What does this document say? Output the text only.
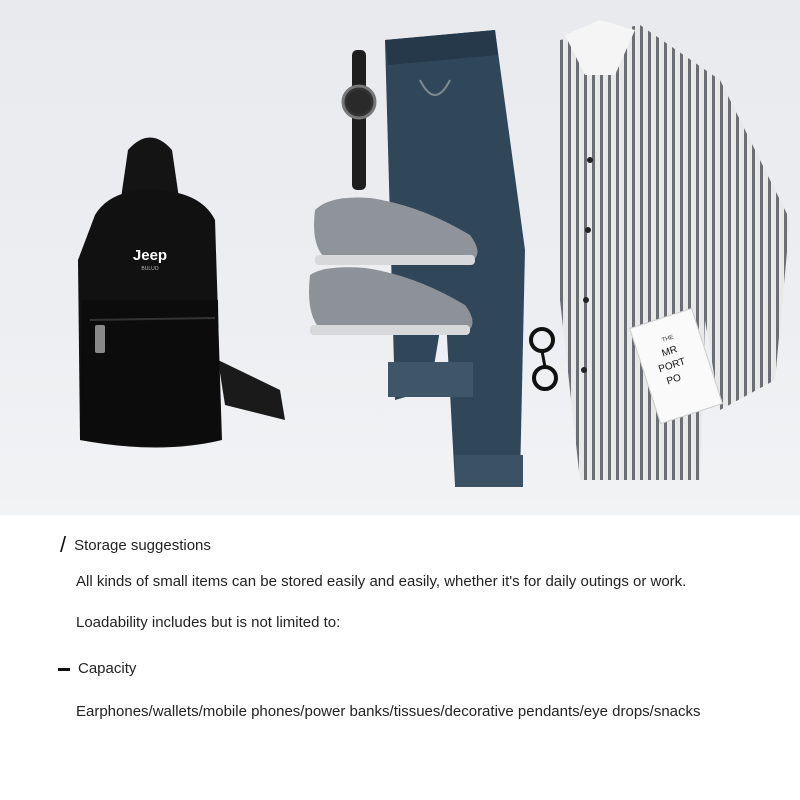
Jeep
BULUO
THE
MR
PORT
PO
/ Storage suggestions
All kinds of small items can be stored easily and easily, whether it's for daily outings or work.
Loadability includes but is not limited to:
Capacity
Earphones/wallets/mobile phones/power banks/tissues/decorative pendants/eye drops/snacks
